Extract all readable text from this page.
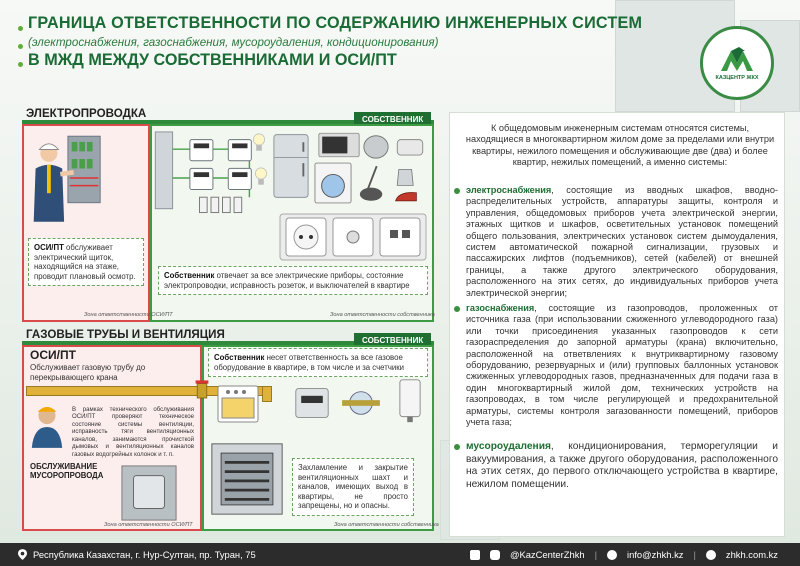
ГРАНИЦА ОТВЕТСТВЕННОСТИ ПО СОДЕРЖАНИЮ ИНЖЕНЕРНЫХ СИСТЕМ
(электроснабжения, газоснабжения, мусороудаления, кондиционирования)
В МЖД МЕЖДУ СОБСТВЕННИКАМИ И ОСИ/ПТ
КАЗЦЕНТР ЖКХ
ЭЛЕКТРОПРОВОДКА	СОБСТВЕННИК
ОСИ/ПТ обслуживает электрический щиток, находящийся на этаже, проводит плановый осмотр.	Собственник отвечает за все электрические приборы, состояние электропроводки, исправность розеток, и выключателей в квартире
Зона ответственности ОСИ/ПТ	Зона ответственности собственника
ГАЗОВЫЕ ТРУБЫ И ВЕНТИЛЯЦИЯ	СОБСТВЕННИК
ОСИ/ПТ
Обслуживает газовую трубу до перекрывающего крана
В рамках технического обслуживания ОСИ/ПТ проверяют техническое состояние системы вентиляции, исправность тяги вентиляционных каналов, занимаются прочисткой дымовых и вентиляционных каналов газовых водогрейных колонок и т. п.
ОБСЛУЖИВАНИЕ МУСОРОПРОВОДА
Собственник несет ответственность за все газовое оборудование в квартире, в том числе и за счетчики
Захламление и закрытие вентиляционных шахт и каналов, имеющих выход в квартиры, не просто запрещены, но и опасны.
Зона ответственности ОСИ/ПТ	Зона ответственности собственника
К общедомовым инженерным системам относятся системы, находящиеся в многоквартирном жилом доме за пределами или внутри квартиры, нежилого помещения и обслуживающие две (два) и более квартир, нежилых помещений, а именно системы:
электроснабжения, состоящие из вводных шкафов, вводно-распределительных устройств, аппаратуры защиты, контроля и управления, общедомовых приборов учета электрической энергии, этажных щитков и шкафов, осветительных установок помещений общего пользования, электрических установок систем дымоудаления, систем автоматической пожарной сигнализации, грузовых и пассажирских лифтов (подъемников), сетей (кабелей) от внешней границы, а также другого электрического оборудования, расположенного на этих сетях, до индивидуальных приборов учета электрической энергии;
газоснабжения, состоящие из газопроводов, проложенных от источника газа (при использовании сжиженного углеводородного газа) или точки присоединения указанных газопроводов к сети газораспределения до запорной арматуры (крана) включительно, расположенной на ответвлениях к внутриквартирному газовому оборудованию, резервуарных и (или) групповых баллонных установок сжиженных углеводородных газов, предназначенных для подачи газа в один многоквартирный жилой дом, технических устройств на газопроводах, в том числе регулирующей и предохранительной арматуры, системы контроля загазованности помещений, приборов учета газа;
мусороудаления, кондиционирования, терморегуляции и вакуумирования, а также другого оборудования, расположенного на этих сетях, до первого отключающего устройства в квартире, нежилом помещении.
Республика Казахстан, г. Нур-Султан, пр. Туран, 75	@KazCenterZhkh |	info@zhkh.kz |	zhkh.com.kz
